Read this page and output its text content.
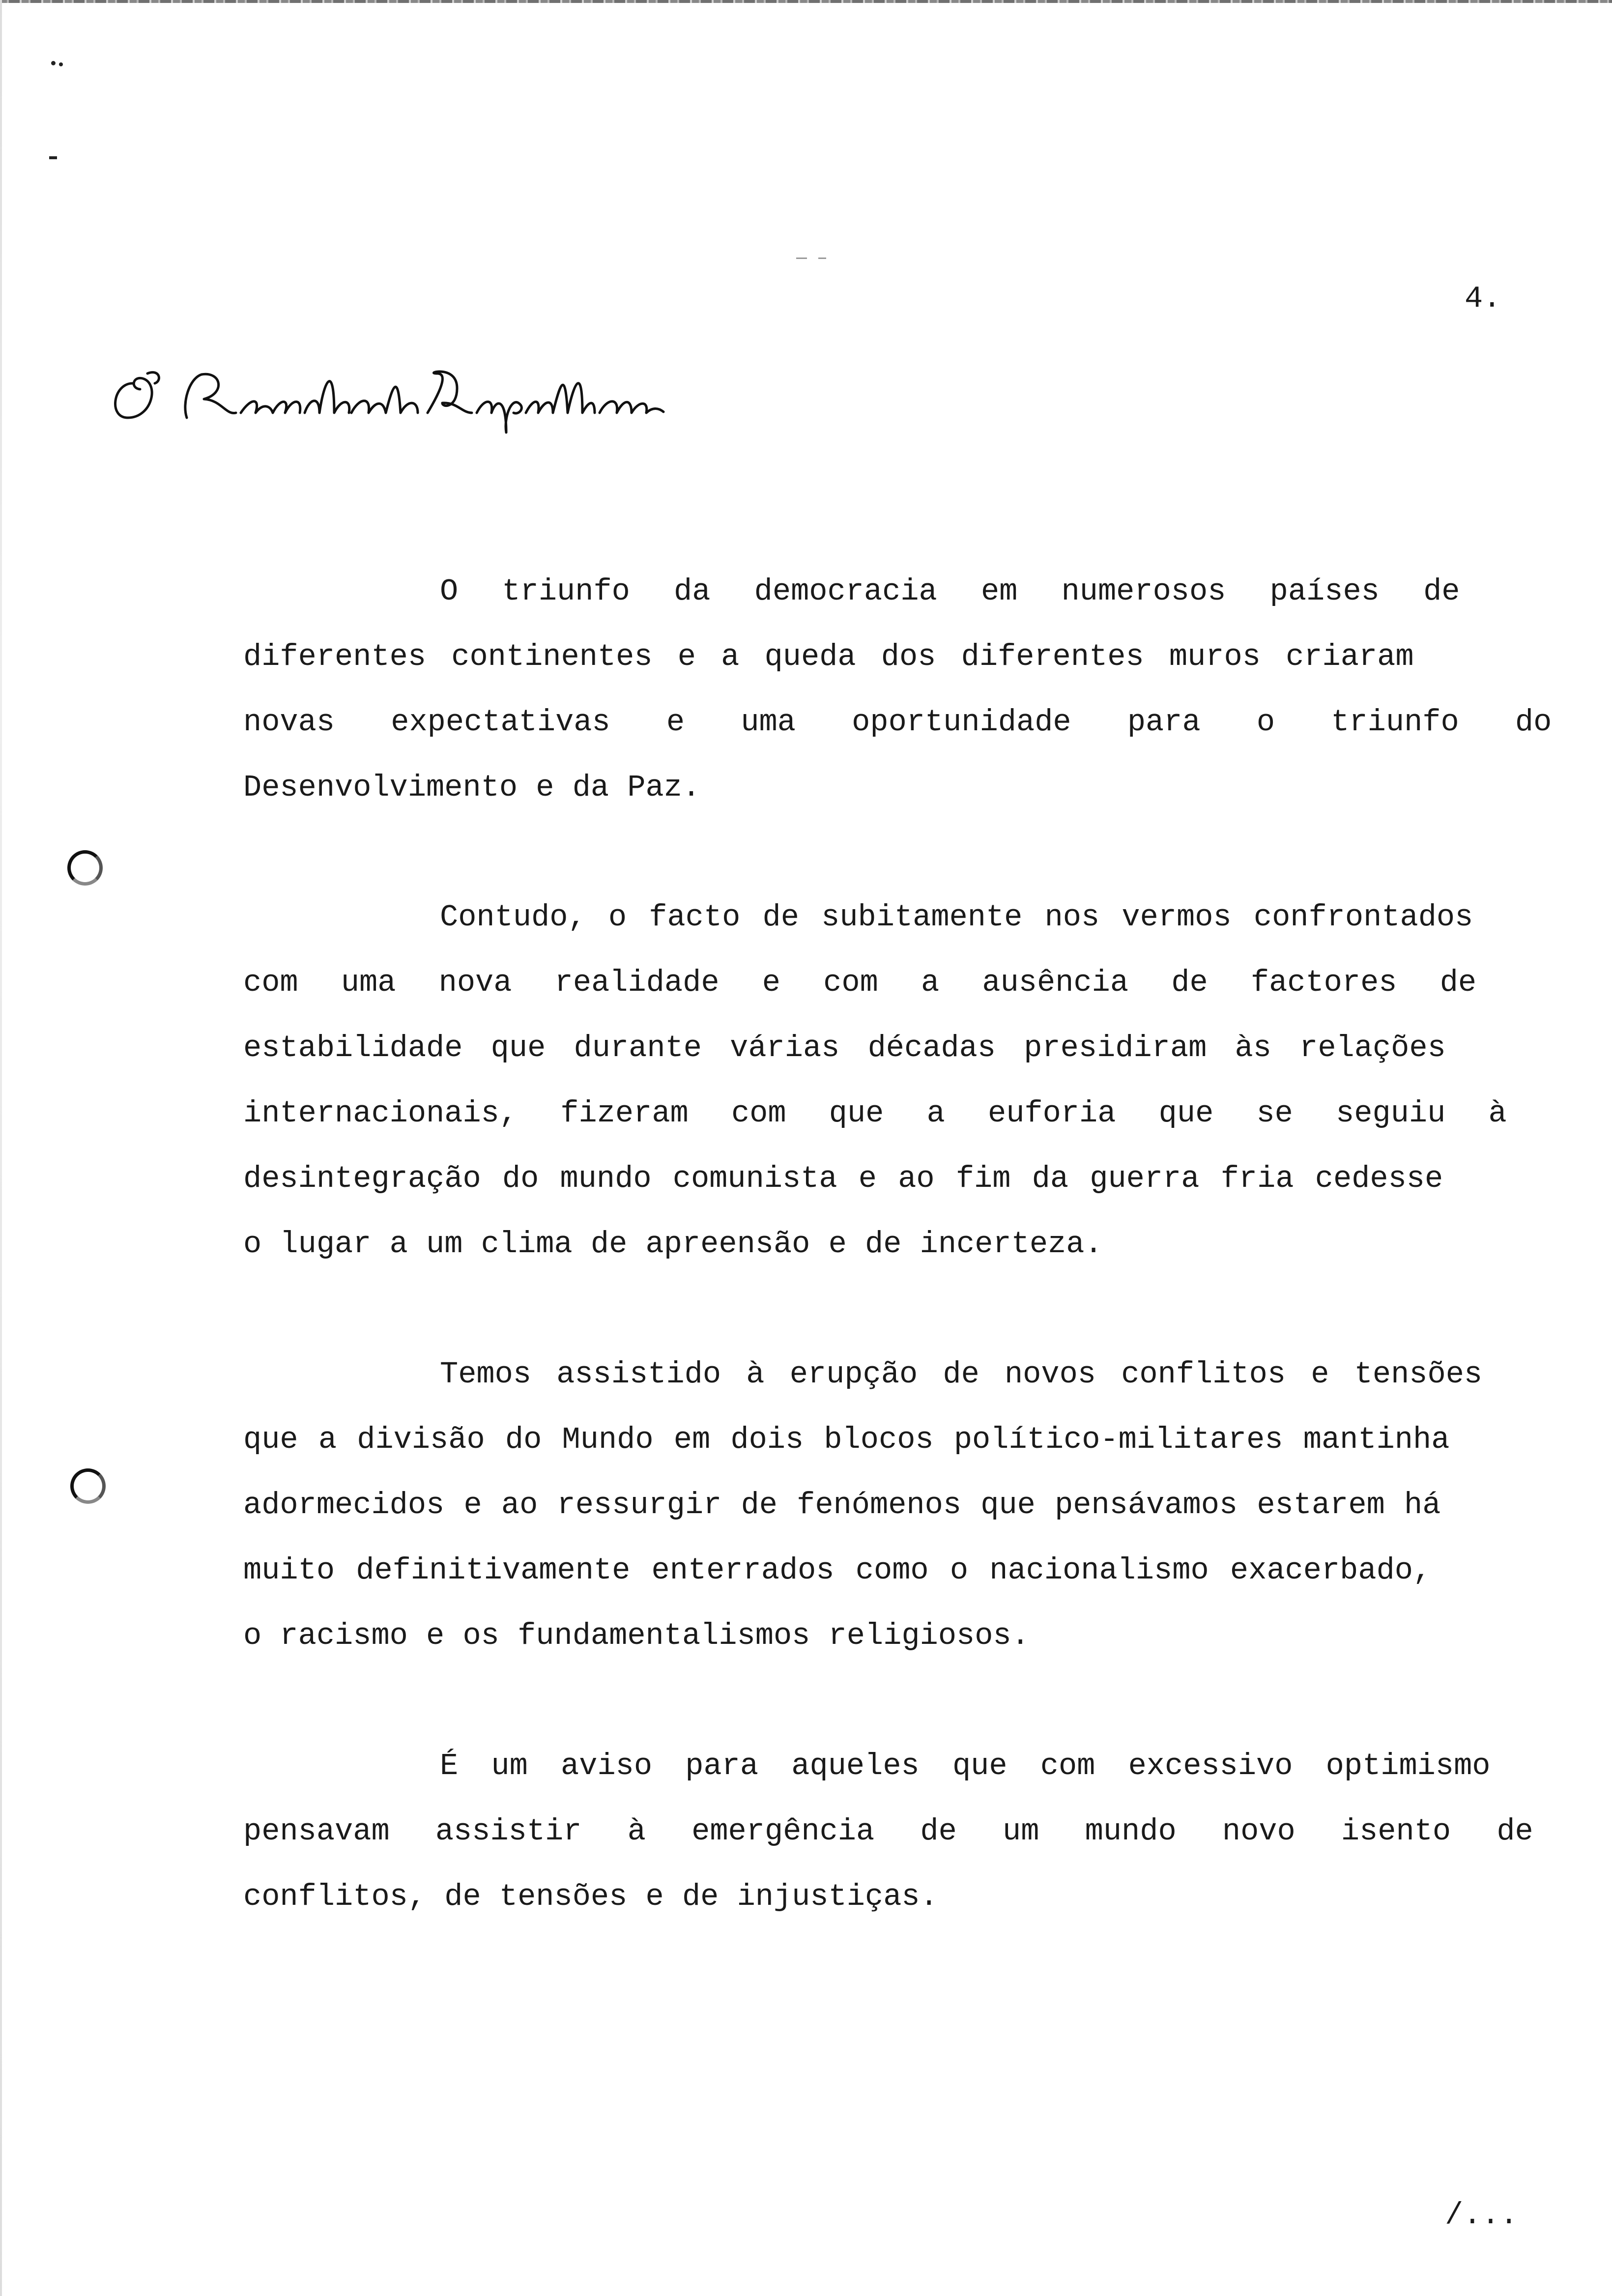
4.
O Presidente da República
O triunfo da democracia em numerosos países de
diferentes continentes e a queda dos diferentes muros criaram
novas expectativas e uma oportunidade para o triunfo do
Desenvolvimento e da Paz.
Contudo, o facto de subitamente nos vermos confrontados
com uma nova realidade e com a ausência de factores de
estabilidade que durante várias décadas presidiram às relações
internacionais, fizeram com que a euforia que se seguiu à
desintegração do mundo comunista e ao fim da guerra fria cedesse
o lugar a um clima de apreensão e de incerteza.
Temos assistido à erupção de novos conflitos e tensões
que a divisão do Mundo em dois blocos político-militares mantinha
adormecidos e ao ressurgir de fenómenos que pensávamos estarem há
muito definitivamente enterrados como o nacionalismo exacerbado,
o racismo e os fundamentalismos religiosos.
É um aviso para aqueles que com excessivo optimismo
pensavam assistir à emergência de um mundo novo isento de
conflitos, de tensões e de injustiças.
/...
